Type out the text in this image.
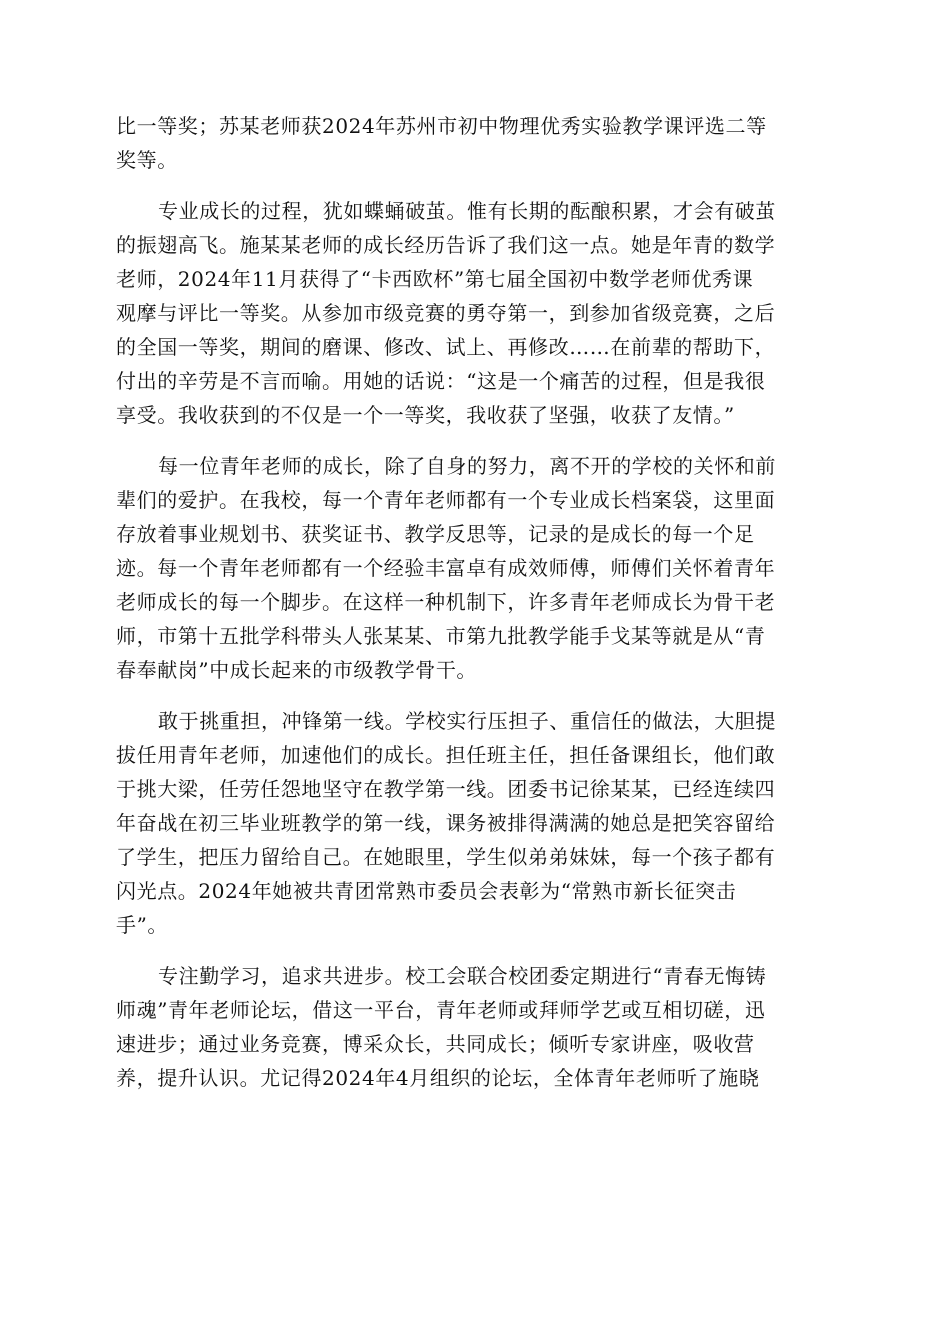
比一等奖；苏某老师获2024年苏州市初中物理优秀实验教学课评选二等
奖等。

专业成长的过程，犹如蝶蛹破茧。惟有长期的酝酿积累，才会有破茧
的振翅高飞。施某某老师的成长经历告诉了我们这一点。她是年青的数学
老师，2024年11月获得了“卡西欧杯”第七届全国初中数学老师优秀课
观摩与评比一等奖。从参加市级竞赛的勇夺第一，到参加省级竞赛，之后
的全国一等奖，期间的磨课、修改、试上、再修改……在前辈的帮助下，
付出的辛劳是不言而喻。用她的话说：“这是一个痛苦的过程，但是我很
享受。我收获到的不仅是一个一等奖，我收获了坚强，收获了友情。”

每一位青年老师的成长，除了自身的努力，离不开的学校的关怀和前
辈们的爱护。在我校，每一个青年老师都有一个专业成长档案袋，这里面
存放着事业规划书、获奖证书、教学反思等，记录的是成长的每一个足
迹。每一个青年老师都有一个经验丰富卓有成效师傅，师傅们关怀着青年
老师成长的每一个脚步。在这样一种机制下，许多青年老师成长为骨干老
师，市第十五批学科带头人张某某、市第九批教学能手戈某等就是从“青
春奉献岗”中成长起来的市级教学骨干。

敢于挑重担，冲锋第一线。学校实行压担子、重信任的做法，大胆提
拔任用青年老师，加速他们的成长。担任班主任，担任备课组长，他们敢
于挑大梁，任劳任怨地坚守在教学第一线。团委书记徐某某，已经连续四
年奋战在初三毕业班教学的第一线，课务被排得满满的她总是把笑容留给
了学生，把压力留给自己。在她眼里，学生似弟弟妹妹，每一个孩子都有
闪光点。2024年她被共青团常熟市委员会表彰为“常熟市新长征突击
手”。

专注勤学习，追求共进步。校工会联合校团委定期进行“青春无悔铸
师魂”青年老师论坛，借这一平台，青年老师或拜师学艺或互相切磋，迅
速进步；通过业务竞赛，博采众长，共同成长；倾听专家讲座，吸收营
养，提升认识。尤记得2024年4月组织的论坛，全体青年老师听了施晓
